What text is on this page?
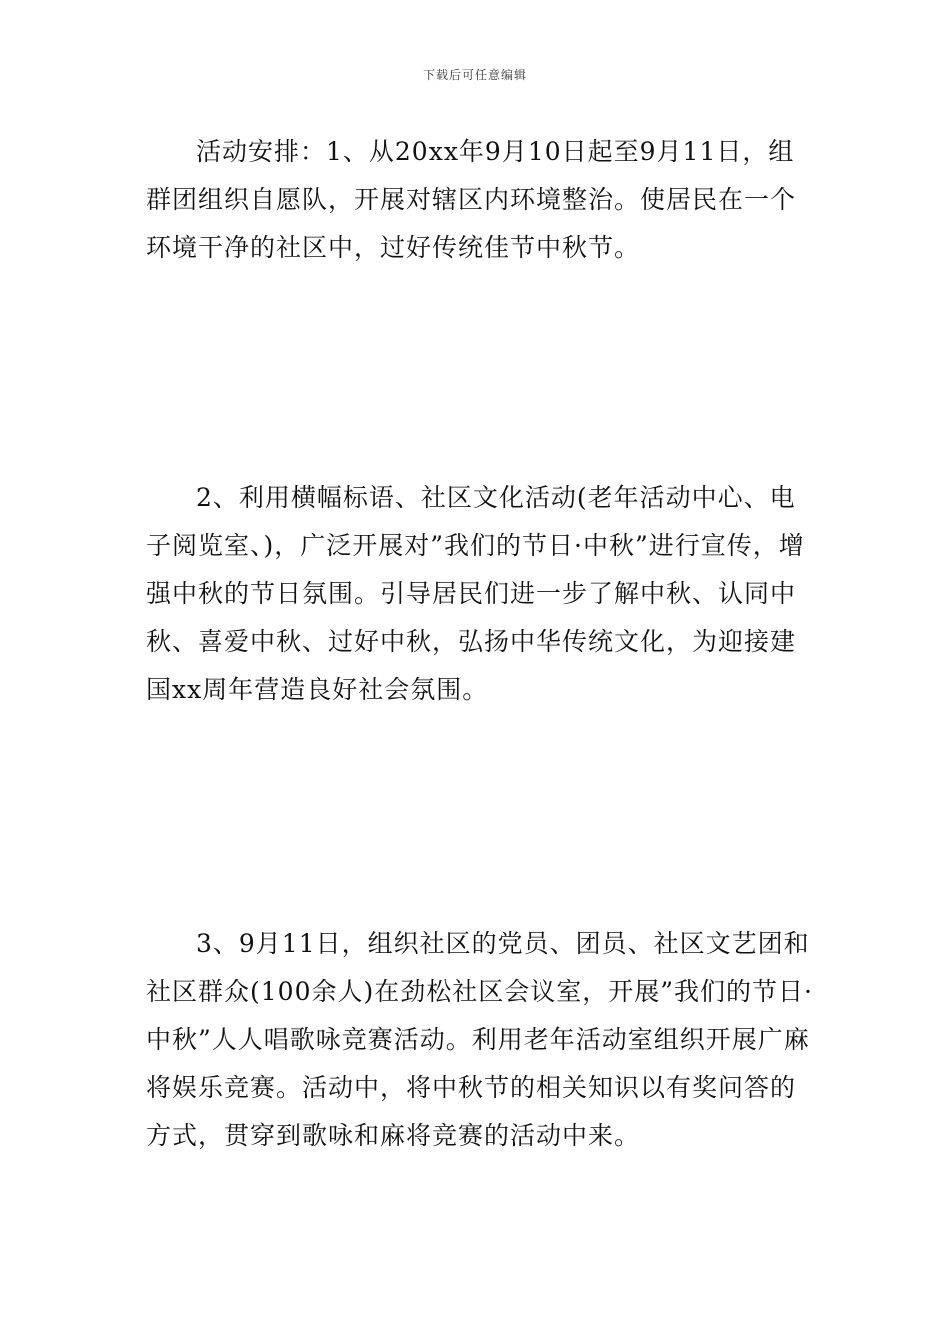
下载后可任意编辑

活动安排：1、从20xx年9月10日起至9月11日，组群团组织自愿队，开展对辖区内环境整治。使居民在一个环境干净的社区中，过好传统佳节中秋节。

2、利用横幅标语、社区文化活动(老年活动中心、电子阅览室、)，广泛开展对”我们的节日·中秋”进行宣传，增强中秋的节日氛围。引导居民们进一步了解中秋、认同中秋、喜爱中秋、过好中秋，弘扬中华传统文化，为迎接建国xx周年营造良好社会氛围。

3、9月11日，组织社区的党员、团员、社区文艺团和社区群众(100余人)在劲松社区会议室，开展”我们的节日·中秋”人人唱歌咏竞赛活动。利用老年活动室组织开展广麻将娱乐竞赛。活动中，将中秋节的相关知识以有奖问答的方式，贯穿到歌咏和麻将竞赛的活动中来。
